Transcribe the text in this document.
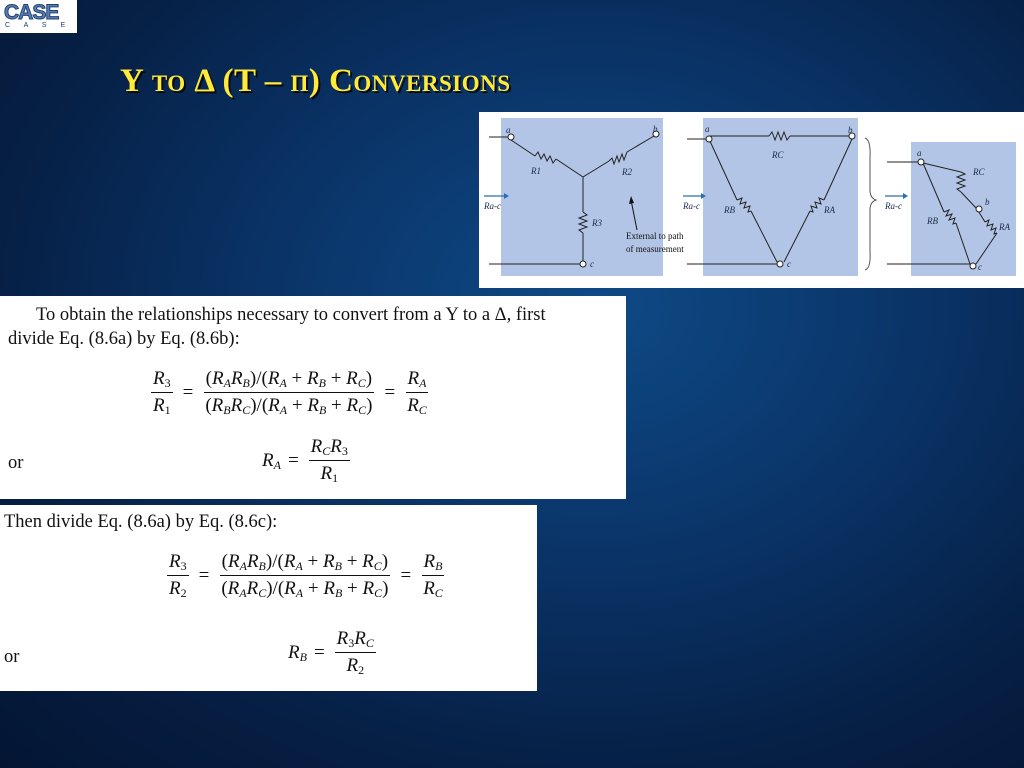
CASE
C A S E
Y to Δ (T – π) Conversions
a	b
c
R1	R2
R3
Ra-c
External to path
of measurement
a	b
c
RC
RB	RA
Ra-c
a
b
c
RC
RB
RA
Ra-c
To obtain the relationships necessary to convert from a Y to a Δ, first
divide Eq. (8.6a) by Eq. (8.6b):
$\frac{R_3}{R_1} = \frac{(R_AR_B)/(R_A + R_B + R_C)}{(R_BR_C)/(R_A + R_B + R_C)} = \frac{R_A}{R_C}$
or	$R_A = \frac{R_CR_3}{R_1}$
Then divide Eq. (8.6a) by Eq. (8.6c):
$\frac{R_3}{R_2} = \frac{(R_AR_B)/(R_A + R_B + R_C)}{(R_AR_C)/(R_A + R_B + R_C)} = \frac{R_B}{R_C}$
or	$R_B = \frac{R_3R_C}{R_2}$
